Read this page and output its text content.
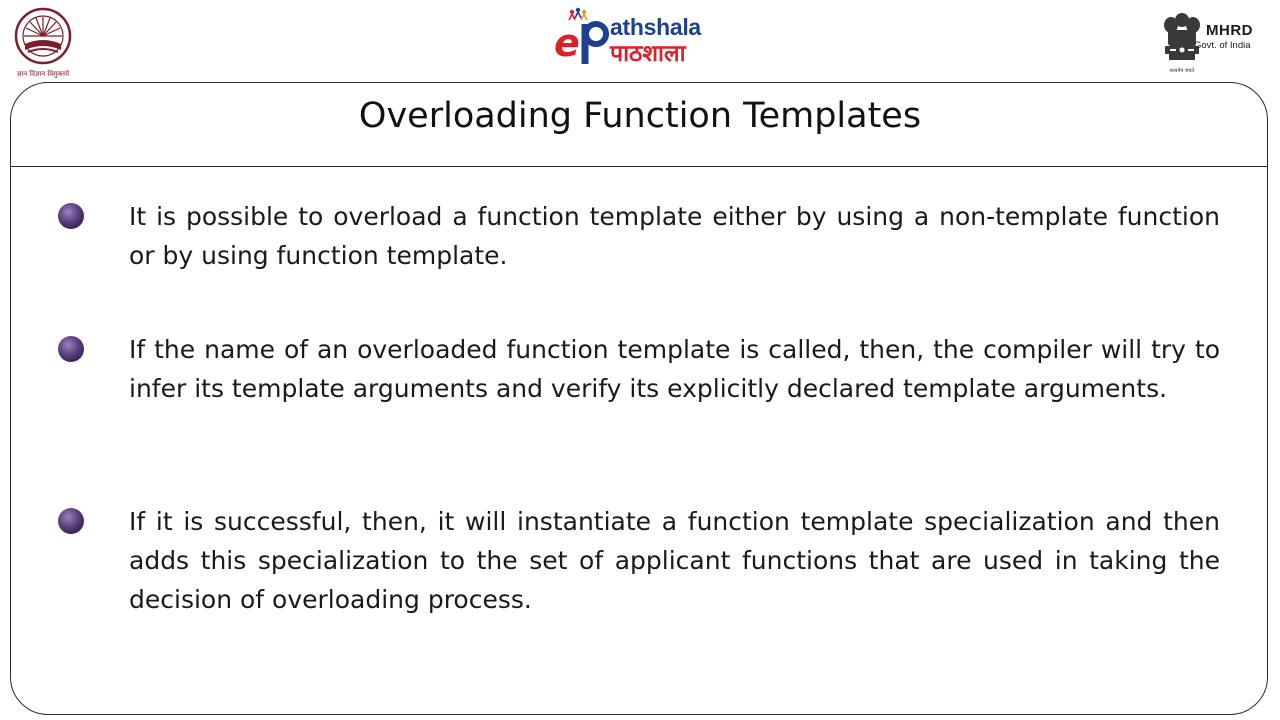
ज्ञान विज्ञान विमुक्तये
e athshala
पाठशाला
सत्यमेव जयते
MHRD
Govt. of India
Overloading Function Templates
It is possible to overload a function template either by using a non-template function or by using function template.
If the name of an overloaded function template is called, then, the compiler will try to infer its template arguments and verify its explicitly declared template arguments.
If it is successful, then, it will instantiate a function template specialization and then adds this specialization to the set of applicant functions that are used in taking the decision of overloading process.
